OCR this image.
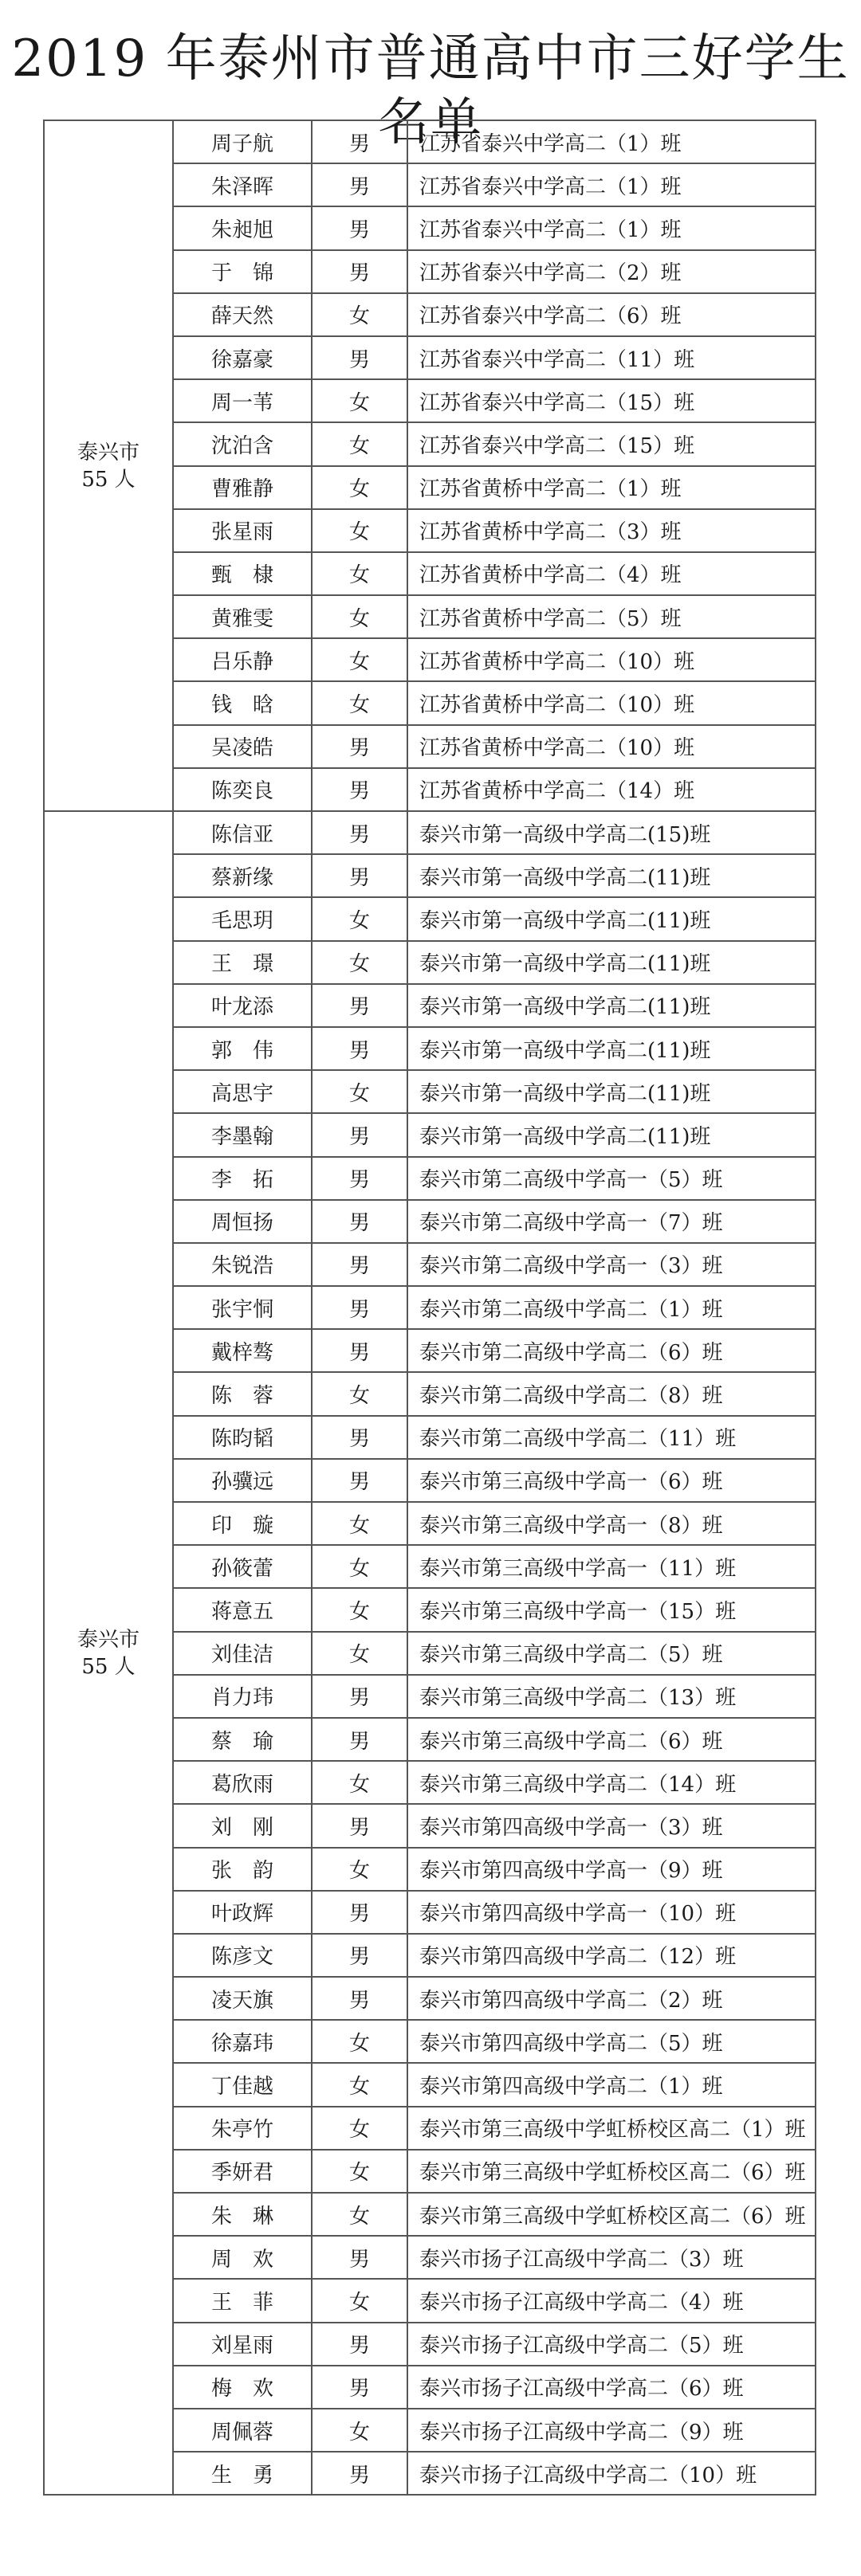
2019 年泰州市普通高中市三好学生名单
泰兴市
55 人	周子航	男	江苏省泰兴中学高二（1）班
	朱泽晖	男	江苏省泰兴中学高二（1）班
	朱昶旭	男	江苏省泰兴中学高二（1）班
	于　锦	男	江苏省泰兴中学高二（2）班
	薛天然	女	江苏省泰兴中学高二（6）班
	徐嘉豪	男	江苏省泰兴中学高二（11）班
	周一苇	女	江苏省泰兴中学高二（15）班
	沈泊含	女	江苏省泰兴中学高二（15）班
	曹雅静	女	江苏省黄桥中学高二（1）班
	张星雨	女	江苏省黄桥中学高二（3）班
	甄　棣	女	江苏省黄桥中学高二（4）班
	黄雅雯	女	江苏省黄桥中学高二（5）班
	吕乐静	女	江苏省黄桥中学高二（10）班
	钱　晗	女	江苏省黄桥中学高二（10）班
	吴凌皓	男	江苏省黄桥中学高二（10）班
	陈奕良	男	江苏省黄桥中学高二（14）班
泰兴市
55 人	陈信亚	男	泰兴市第一高级中学高二(15)班
	蔡新缘	男	泰兴市第一高级中学高二(11)班
	毛思玥	女	泰兴市第一高级中学高二(11)班
	王　璟	女	泰兴市第一高级中学高二(11)班
	叶龙添	男	泰兴市第一高级中学高二(11)班
	郭　伟	男	泰兴市第一高级中学高二(11)班
	高思宇	女	泰兴市第一高级中学高二(11)班
	李墨翰	男	泰兴市第一高级中学高二(11)班
	李　拓	男	泰兴市第二高级中学高一（5）班
	周恒扬	男	泰兴市第二高级中学高一（7）班
	朱锐浩	男	泰兴市第二高级中学高一（3）班
	张宇恫	男	泰兴市第二高级中学高二（1）班
	戴梓骜	男	泰兴市第二高级中学高二（6）班
	陈　蓉	女	泰兴市第二高级中学高二（8）班
	陈昀韬	男	泰兴市第二高级中学高二（11）班
	孙骥远	男	泰兴市第三高级中学高一（6）班
	印　璇	女	泰兴市第三高级中学高一（8）班
	孙筱蕾	女	泰兴市第三高级中学高一（11）班
	蒋意五	女	泰兴市第三高级中学高一（15）班
	刘佳洁	女	泰兴市第三高级中学高二（5）班
	肖力玮	男	泰兴市第三高级中学高二（13）班
	蔡　瑜	男	泰兴市第三高级中学高二（6）班
	葛欣雨	女	泰兴市第三高级中学高二（14）班
	刘　刚	男	泰兴市第四高级中学高一（3）班
	张　韵	女	泰兴市第四高级中学高一（9）班
	叶政辉	男	泰兴市第四高级中学高一（10）班
	陈彦文	男	泰兴市第四高级中学高二（12）班
	凌天旗	男	泰兴市第四高级中学高二（2）班
	徐嘉玮	女	泰兴市第四高级中学高二（5）班
	丁佳越	女	泰兴市第四高级中学高二（1）班
	朱亭竹	女	泰兴市第三高级中学虹桥校区高二（1）班
	季妍君	女	泰兴市第三高级中学虹桥校区高二（6）班
	朱　琳	女	泰兴市第三高级中学虹桥校区高二（6）班
	周　欢	男	泰兴市扬子江高级中学高二（3）班
	王　菲	女	泰兴市扬子江高级中学高二（4）班
	刘星雨	男	泰兴市扬子江高级中学高二（5）班
	梅　欢	男	泰兴市扬子江高级中学高二（6）班
	周佩蓉	女	泰兴市扬子江高级中学高二（9）班
	生　勇	男	泰兴市扬子江高级中学高二（10）班
